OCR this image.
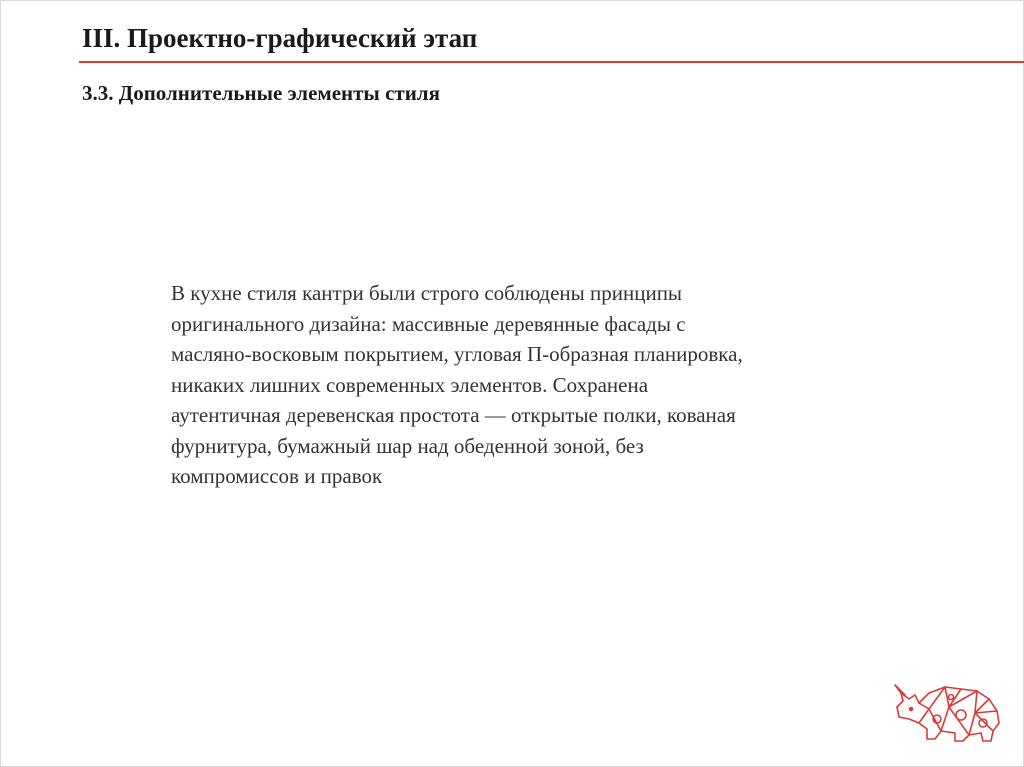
III. Проектно-графический этап
3.3. Дополнительные элементы стиля

В кухне стиля кантри были строго соблюдены принципы
оригинального дизайна: массивные деревянные фасады с
масляно-восковым покрытием, угловая П-образная планировка,
никаких лишних современных элементов. Сохранена
аутентичная деревенская простота — открытые полки, кованая
фурнитура, бумажный шар над обеденной зоной, без
компромиссов и правок
